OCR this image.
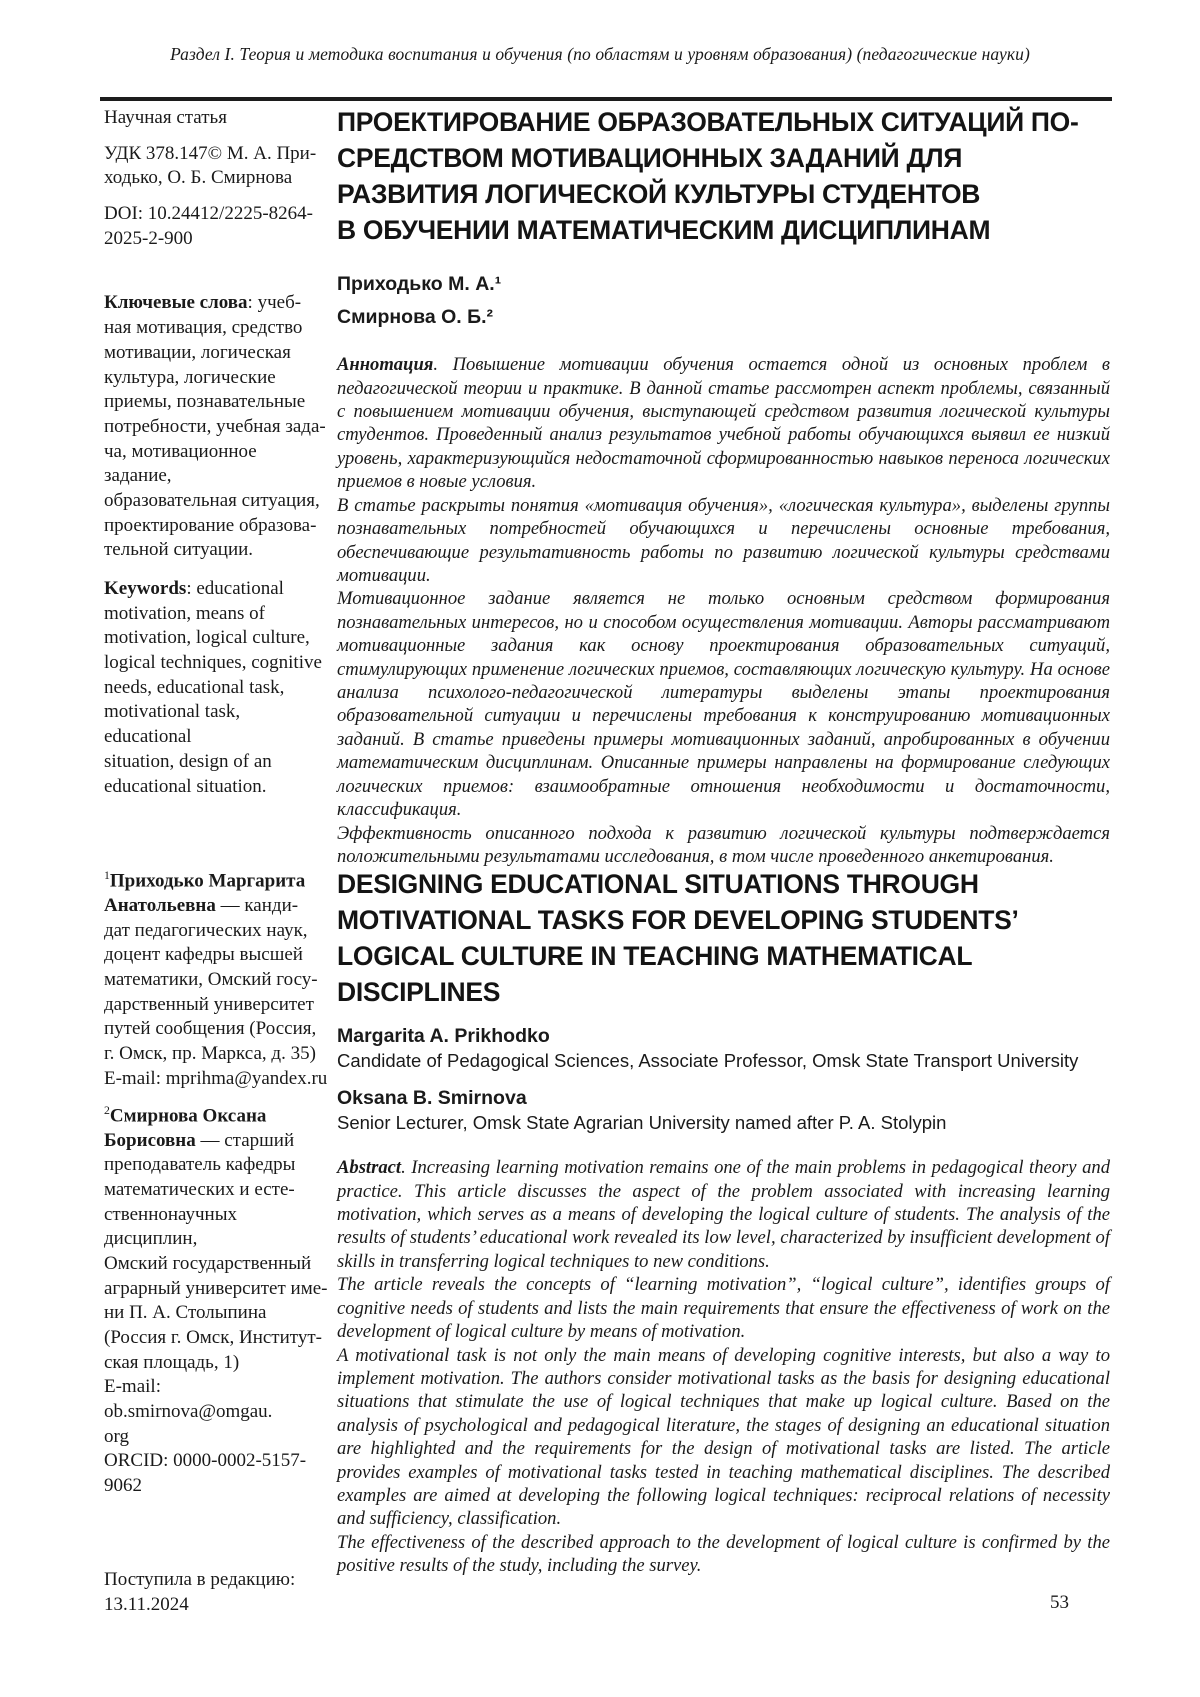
Раздел I. Теория и методика воспитания и обучения (по областям и уровням образования) (педагогические науки)

Научная статья

УДК 378.147© М. А. При-
ходько, О. Б. Смирнова

DOI: 10.24412/2225-8264-
2025-2-900

Ключевые слова: учеб-
ная мотивация, средство
мотивации, логическая
культура, логические
приемы, познавательные
потребности, учебная зада-
ча, мотивационное задание,
образовательная ситуация,
проектирование образова-
тельной ситуации.

Keywords: educational
motivation, means of
motivation, logical culture,
logical techniques, cognitive
needs, educational task,
motivational task, educational
situation, design of an
educational situation.

$^1$Приходько Маргарита
Анатольевна — канди-
дат педагогических наук,
доцент кафедры высшей
математики, Омский госу-
дарственный университет
путей сообщения (Россия,
г. Омск, пр. Маркса, д. 35)
E-mail: mprihma@yandex.ru

$^2$Смирнова Оксана
Борисовна — старший
преподаватель кафедры
математических и есте-
ственнонаучных дисциплин,
Омский государственный
аграрный университет име-
ни П. А. Столыпина
(Россия г. Омск, Институт-
ская площадь, 1)
E-mail: ob.smirnova@omgau.
org
ORCID: 0000-0002-5157-
9062

Поступила в редакцию:
13.11.2024

ПРОЕКТИРОВАНИЕ ОБРАЗОВАТЕЛЬНЫХ СИТУАЦИЙ ПО-
СРЕДСТВОМ МОТИВАЦИОННЫХ ЗАДАНИЙ ДЛЯ
РАЗВИТИЯ ЛОГИЧЕСКОЙ КУЛЬТУРЫ СТУДЕНТОВ
В ОБУЧЕНИИ МАТЕМАТИЧЕСКИМ ДИСЦИПЛИНАМ

Приходько М. А.¹

Смирнова О. Б.²

Аннотация. Повышение мотивации обучения остается одной из основных проблем в педагогической теории и практике. В данной статье рассмотрен аспект проблемы, связанный с повышением мотивации обучения, выступающей средством развития логической культуры студентов. Проведенный анализ результатов учебной работы обучающихся выявил ее низкий уровень, характеризующийся недостаточной сформированностью навыков переноса логических приемов в новые условия.

В статье раскрыты понятия «мотивация обучения», «логическая культура», выделены группы познавательных потребностей обучающихся и перечислены основные требования, обеспечивающие результативность работы по развитию логической культуры средствами мотивации.

Мотивационное задание является не только основным средством формирования познавательных интересов, но и способом осуществления мотивации. Авторы рассматривают мотивационные задания как основу проектирования образовательных ситуаций, стимулирующих применение логических приемов, составляющих логическую культуру. На основе анализа психолого-педагогической литературы выделены этапы проектирования образовательной ситуации и перечислены требования к конструированию мотивационных заданий. В статье приведены примеры мотивационных заданий, апробированных в обучении математическим дисциплинам. Описанные примеры направлены на формирование следующих логических приемов: взаимообратные отношения необходимости и достаточности, классификация.

Эффективность описанного подхода к развитию логической культуры подтверждается положительными результатами исследования, в том числе проведенного анкетирования.

DESIGNING EDUCATIONAL SITUATIONS THROUGH
MOTIVATIONAL TASKS FOR DEVELOPING STUDENTS’
LOGICAL CULTURE IN TEACHING MATHEMATICAL
DISCIPLINES

Margarita A. Prikhodko

Candidate of Pedagogical Sciences, Associate Professor, Omsk State Transport University

Oksana B. Smirnova

Senior Lecturer, Omsk State Agrarian University named after P. A. Stolypin

Abstract. Increasing learning motivation remains one of the main problems in pedagogical theory and practice. This article discusses the aspect of the problem associated with increasing learning motivation, which serves as a means of developing the logical culture of students. The analysis of the results of students’ educational work revealed its low level, characterized by insufficient development of skills in transferring logical techniques to new conditions.

The article reveals the concepts of “learning motivation”, “logical culture”, identifies groups of cognitive needs of students and lists the main requirements that ensure the effectiveness of work on the development of logical culture by means of motivation.

A motivational task is not only the main means of developing cognitive interests, but also a way to implement motivation. The authors consider motivational tasks as the basis for designing educational situations that stimulate the use of logical techniques that make up logical culture. Based on the analysis of psychological and pedagogical literature, the stages of designing an educational situation are highlighted and the requirements for the design of motivational tasks are listed. The article provides examples of motivational tasks tested in teaching mathematical disciplines. The described examples are aimed at developing the following logical techniques: reciprocal relations of necessity and sufficiency, classification.

The effectiveness of the described approach to the development of logical culture is confirmed by the positive results of the study, including the survey.

53
